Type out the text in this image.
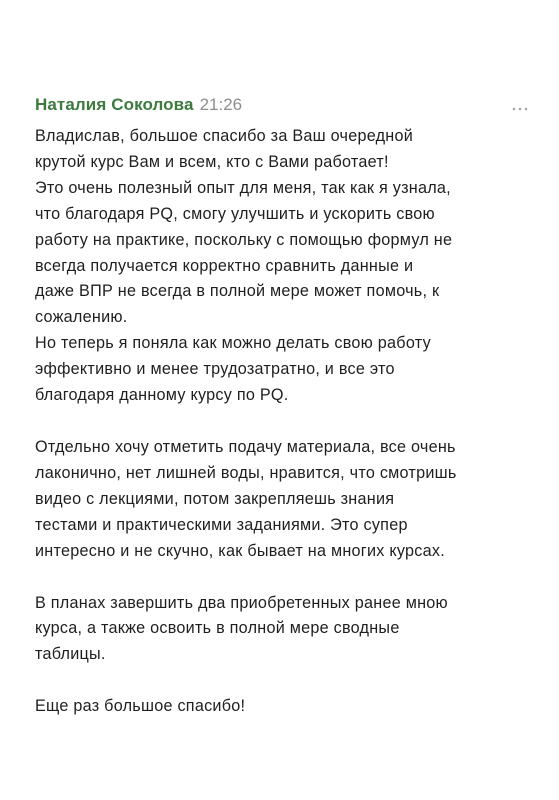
Наталия Соколова 21:26

Владислав, большое спасибо за Ваш очередной
крутой курс Вам и всем, кто с Вами работает!
Это очень полезный опыт для меня, так как я узнала,
что благодаря PQ, смогу улучшить и ускорить свою
работу на практике, поскольку с помощью формул не
всегда получается корректно сравнить данные и
даже ВПР не всегда в полной мере может помочь, к
сожалению.
Но теперь я поняла как можно делать свою работу
эффективно и менее трудозатратно, и все это
благодаря данному курсу по PQ.

Отдельно хочу отметить подачу материала, все очень
лаконично, нет лишней воды, нравится, что смотришь
видео с лекциями, потом закрепляешь знания
тестами и практическими заданиями. Это супер
интересно и не скучно, как бывает на многих курсах.

В планах завершить два приобретенных ранее мною
курса, а также освоить в полной мере сводные
таблицы.

Еще раз большое спасибо!
